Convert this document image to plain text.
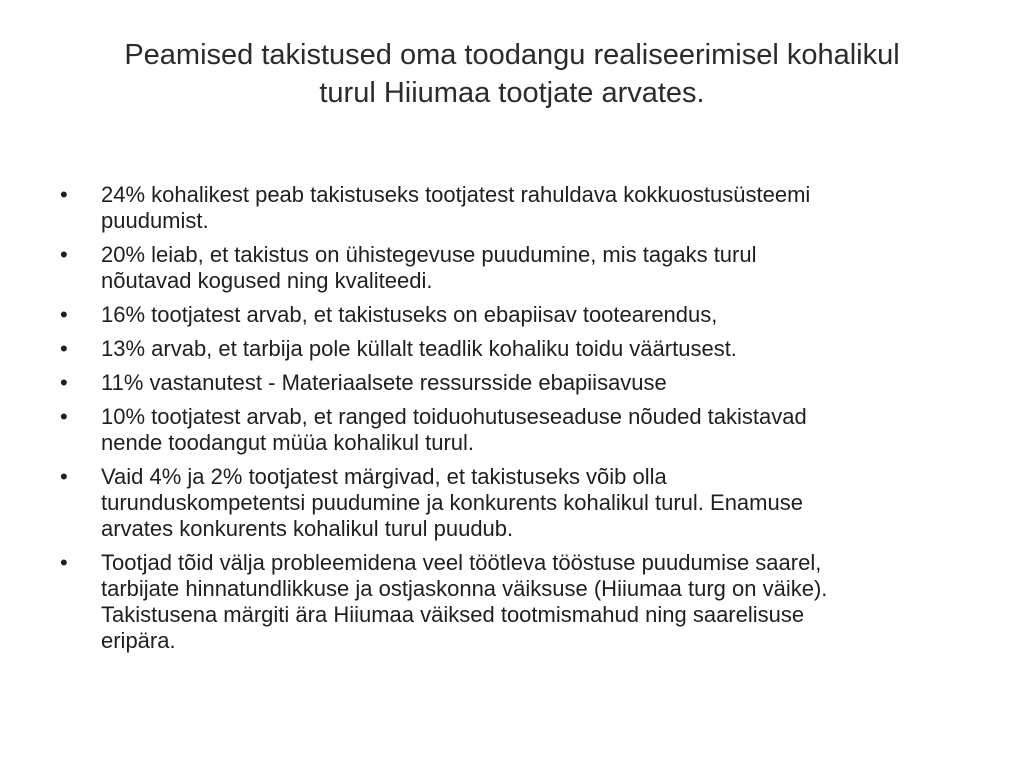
Peamised takistused oma toodangu realiseerimisel kohalikul
turul Hiiumaa tootjate arvates.
•	24% kohalikest peab takistuseks tootjatest rahuldava kokkuostusüsteemi
puudumist.
•	20% leiab, et takistus on ühistegevuse puudumine, mis tagaks turul
nõutavad kogused ning kvaliteedi.
•	16% tootjatest arvab, et takistuseks on ebapiisav tootearendus,
•	13% arvab, et tarbija pole küllalt teadlik kohaliku toidu väärtusest.
•	11% vastanutest - Materiaalsete ressursside ebapiisavuse
•	10% tootjatest arvab, et ranged toiduohutuseseaduse nõuded takistavad
nende toodangut müüa kohalikul turul.
•	Vaid 4% ja 2% tootjatest märgivad, et takistuseks võib olla
turunduskompetentsi puudumine ja konkurents kohalikul turul. Enamuse
arvates konkurents kohalikul turul puudub.
•	Tootjad tõid välja probleemidena veel töötleva tööstuse puudumise saarel,
tarbijate hinnatundlikkuse ja ostjaskonna väiksuse (Hiiumaa turg on väike).
Takistusena märgiti ära Hiiumaa väiksed tootmismahud ning saarelisuse
eripära.
